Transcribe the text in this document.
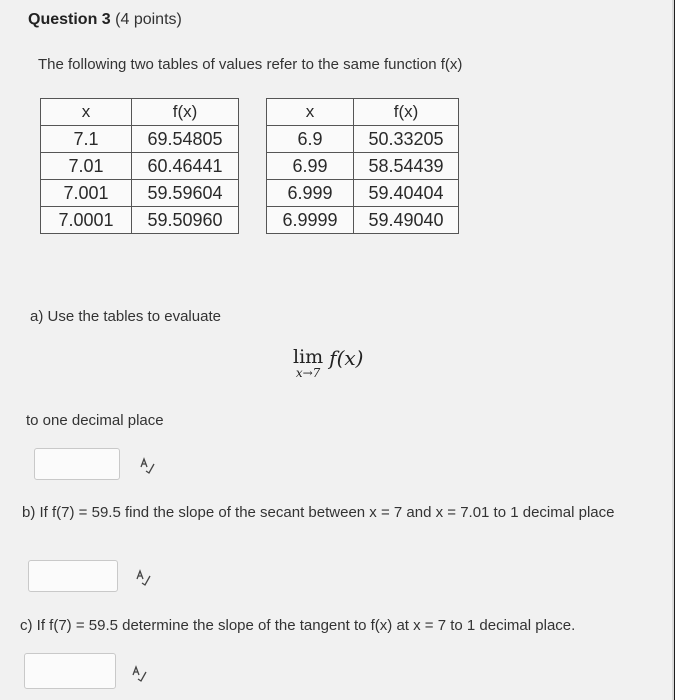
Question 3 (4 points)
The following two tables of values refer to the same function f(x)
x	f(x)
7.1	69.54805
7.01	60.46441
7.001	59.59604
7.0001	59.50960
x	f(x)
6.9	50.33205
6.99	58.54439
6.999	59.40404
6.9999	59.49040
a) Use the tables to evaluate
lim
x→7
f(x)
to one decimal place
b) If f(7) = 59.5 find the slope of the secant between x = 7 and x = 7.01 to 1 decimal place
c) If f(7) = 59.5 determine the slope of the tangent to f(x) at x = 7 to 1 decimal place.
